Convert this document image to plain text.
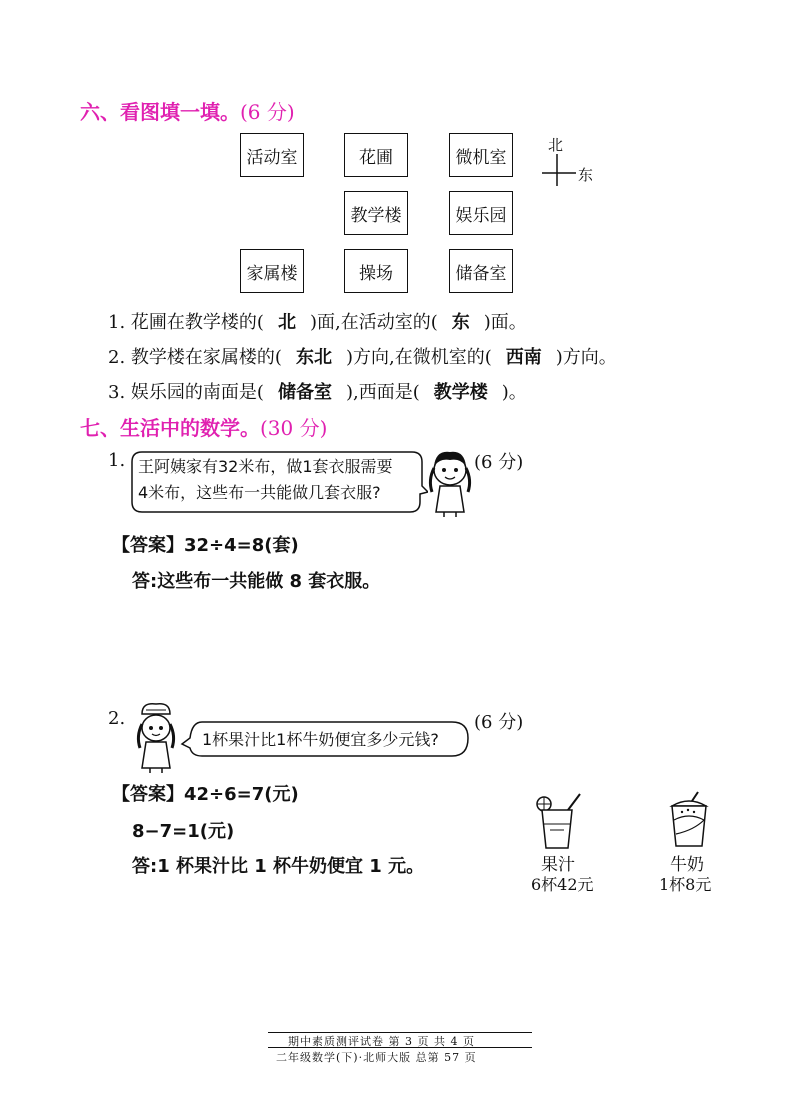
六、看图填一填。(6 分)
活动室	花圃	微机室
教学楼	娱乐园
家属楼	操场	储备室
北
东
1. 花圃在教学楼的( 北 )面,在活动室的( 东 )面。
2. 教学楼在家属楼的( 东北 )方向,在微机室的( 西南 )方向。
3. 娱乐园的南面是( 储备室 ),西面是( 教学楼 )。
七、生活中的数学。(30 分)
1. 王阿姨家有32米布，做1套衣服需要
4米布，这些布一共能做几套衣服?
(6 分)
【答案】32÷4=8(套)
答:这些布一共能做 8 套衣服。
2.
1杯果汁比1杯牛奶便宜多少元钱?
(6 分)
【答案】42÷6=7(元)
8−7=1(元)
答:1 杯果汁比 1 杯牛奶便宜 1 元。	果汁
6杯42元
牛奶
1杯8元
期中素质测评试卷 第 3 页 共 4 页
二年级数学(下)·北师大版 总第 57 页
